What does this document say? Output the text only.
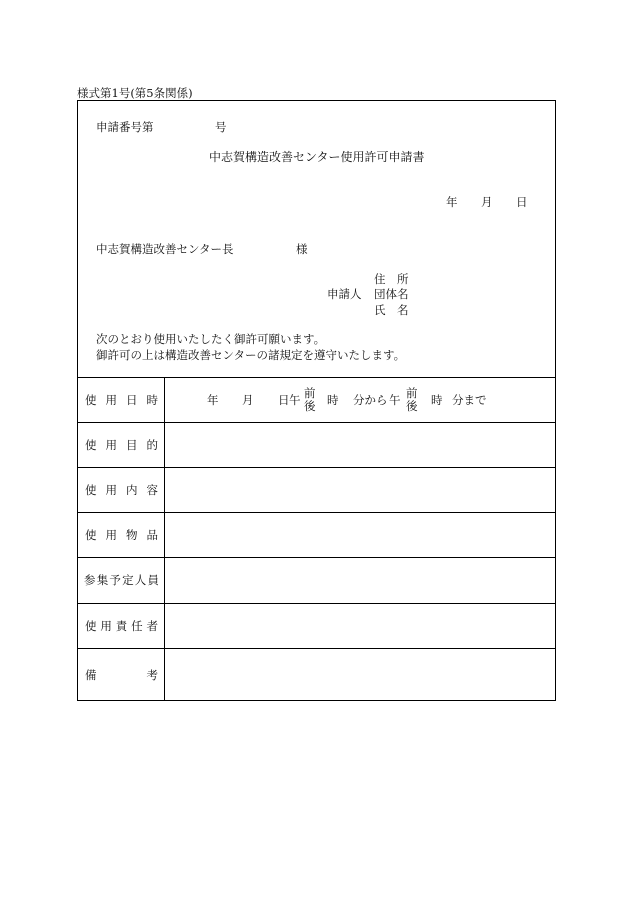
様式第1号(第5条関係)
申請番号第	号
中志賀構造改善センター使用許可申請書
年 月 日
中志賀構造改善センター長	様
住　所
申請人 団体名
氏　名
次のとおり使用いたしたく御許可願います。
御許可の上は構造改善センターの諸規定を遵守いたします。
使用日時
使用目的
使用内容
使用物品
参集予定人員
使用責任者
備考
年 月 日 午 前
後 時 分から 午 前
後 時 分まで
